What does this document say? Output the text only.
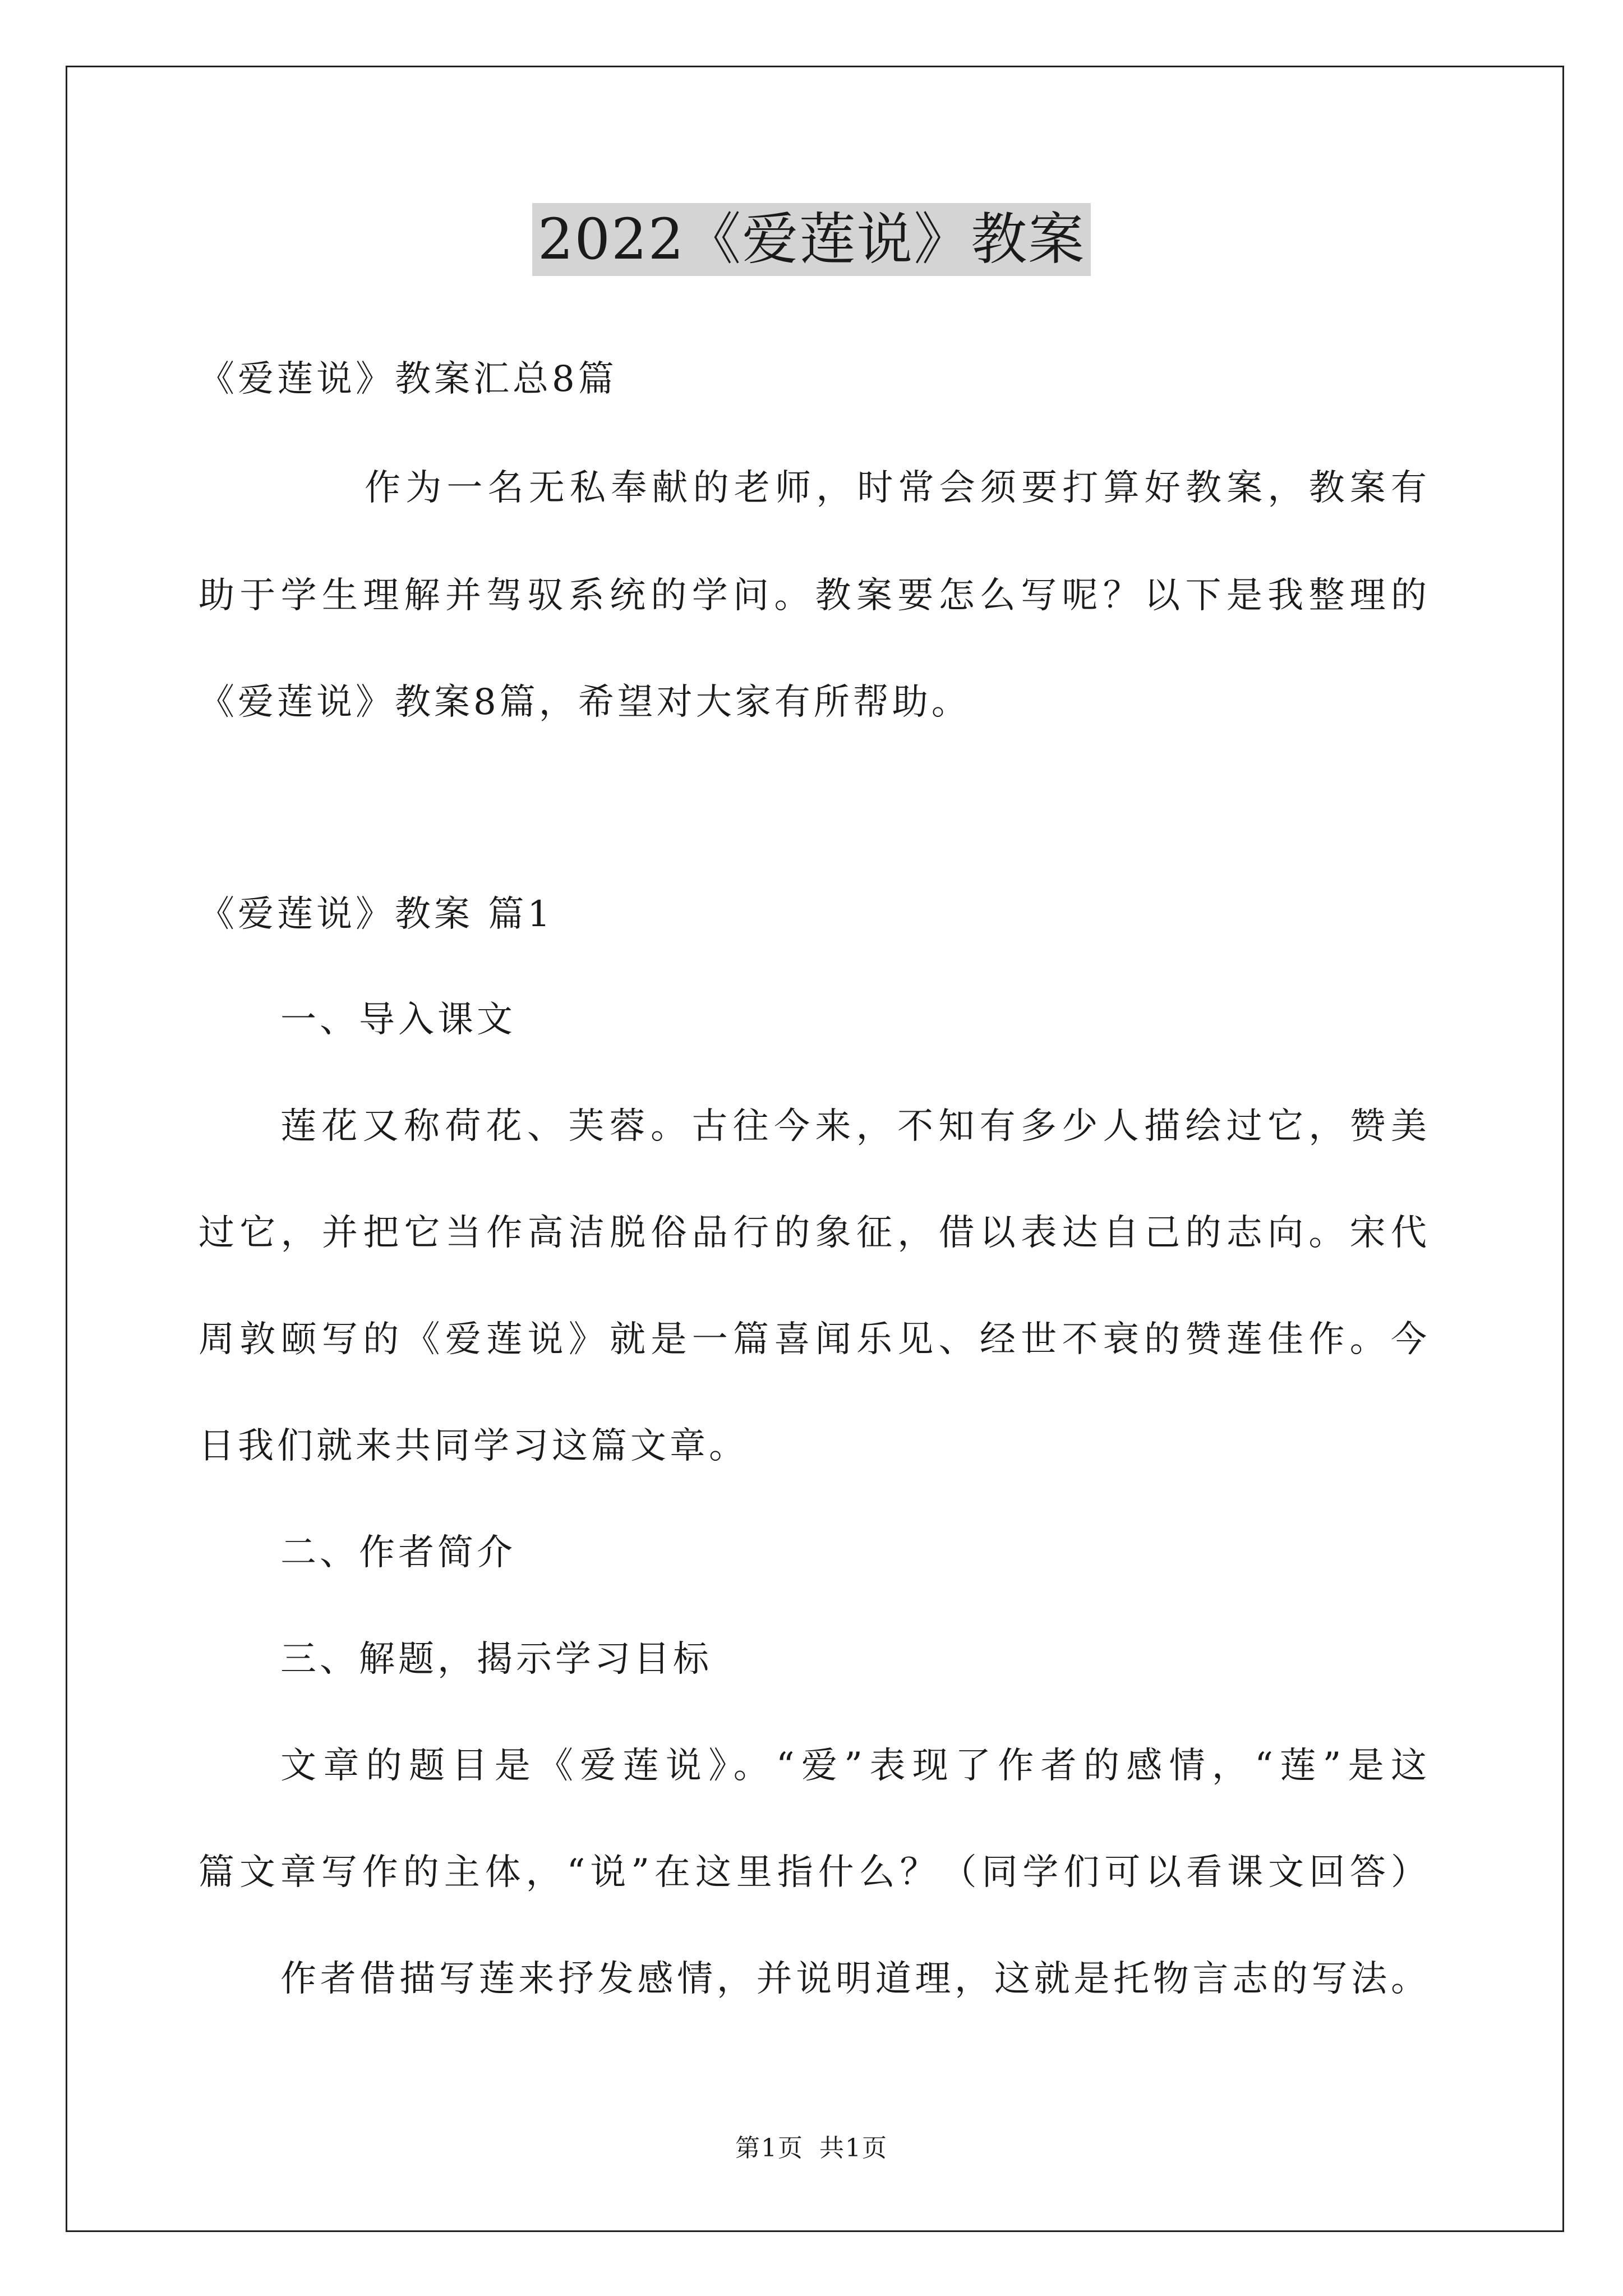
2022《爱莲说》教案
《爱莲说》教案汇总8篇
作为一名无私奉献的老师，时常会须要打算好教案，教案有
助于学生理解并驾驭系统的学问。教案要怎么写呢？以下是我整理的
《爱莲说》教案8篇，希望对大家有所帮助。
《爱莲说》教案 篇1
一、导入课文
莲花又称荷花、芙蓉。古往今来，不知有多少人描绘过它，赞美
过它，并把它当作高洁脱俗品行的象征，借以表达自己的志向。宋代
周敦颐写的《爱莲说》就是一篇喜闻乐见、经世不衰的赞莲佳作。今
日我们就来共同学习这篇文章。
二、作者简介
三、解题，揭示学习目标
文章的题目是《爱莲说》。“爱”表现了作者的感情，“莲”是这
篇文章写作的主体，“说”在这里指什么？（同学们可以看课文回答）
作者借描写莲来抒发感情，并说明道理，这就是托物言志的写法。
第1页 共1页
